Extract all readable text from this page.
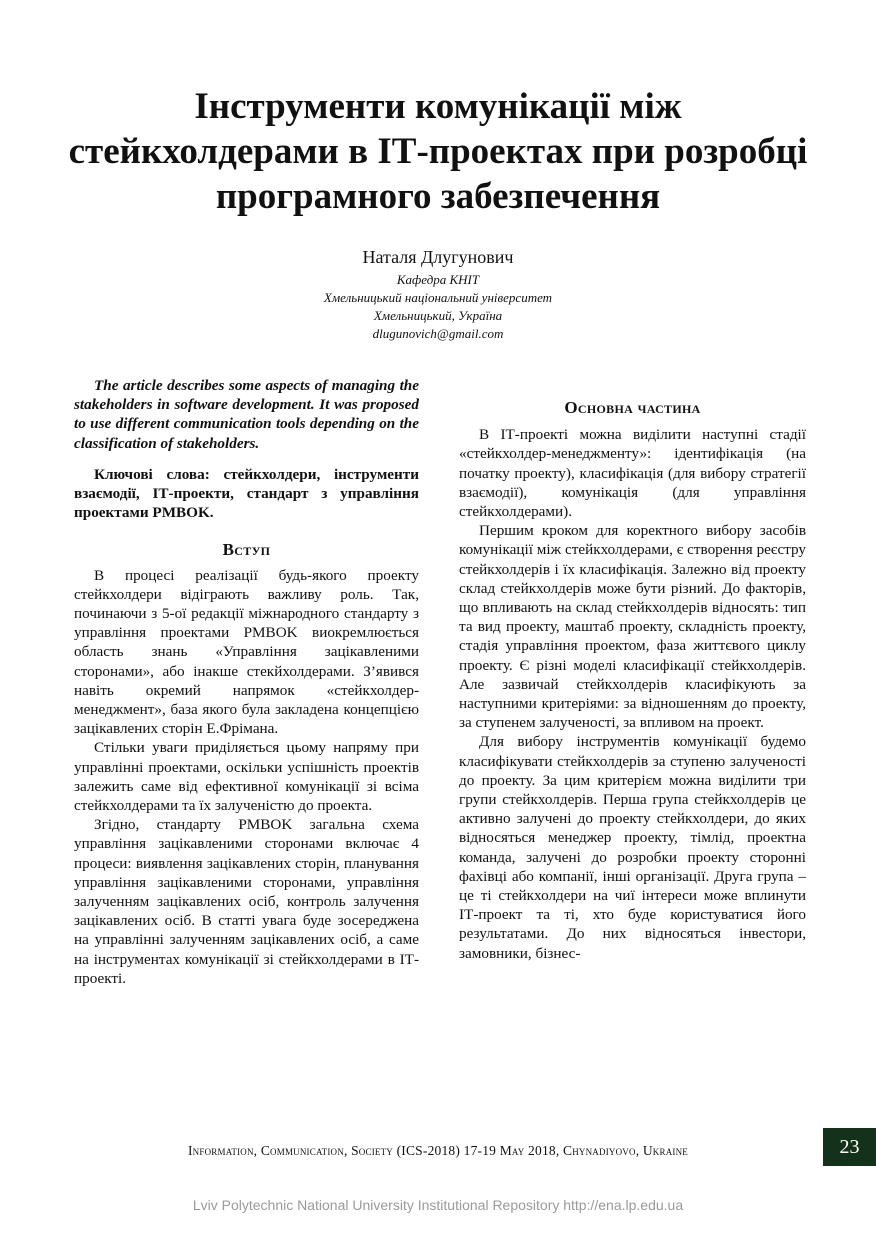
Інструменти комунікації між
стейкхолдерами в ІТ-проектах при розробці
програмного забезпечення
Наталя Длугунович
Кафедра КНІТ
Хмельницький національний університет
Хмельницький, Україна
dlugunovich@gmail.com

The article describes some aspects of managing the stakeholders in software development. It was proposed to use different communication tools depending on the classification of stakeholders.

Ключові слова: стейкхолдери, інструменти взаємодії, ІТ-проекти, стандарт з управління проектами PMBOK.

Вступ

В процесі реалізації будь-якого проекту стейкхолдери відіграють важливу роль. Так, починаючи з 5-ої редакції міжнародного стандарту з управління проектами PMBOK виокремлюється область знань «Управління зацікавленими сторонами», або інакше стекйхолдерами. З’явився навіть окремий напрямок «стейкхолдер-менеджмент», база якого була закладена концепцією зацікавлених сторін Е.Фрімана.

Стільки уваги приділяється цьому напряму при управлінні проектами, оскільки успішність проектів залежить саме від ефективної комунікації зі всіма стейкхолдерами та їх залученістю до проекта.

Згідно, стандарту PMBOK загальна схема управління зацікавленими сторонами включає 4 процеси: виявлення зацікавлених сторін, планування управління зацікавленими сторонами, управління залученням зацікавлених осіб, контроль залучення зацікавлених осіб. В статті увага буде зосереджена на управлінні залученням зацікавлених осіб, а саме на інструментах комунікації зі стейкхолдерами в ІТ-проекті.

Основна частина

В ІТ-проекті можна виділити наступні стадії «стейкхолдер-менеджменту»: ідентифікація (на початку проекту), класифікація (для вибору стратегії взаємодії), комунікація (для управління стейкхолдерами).

Першим кроком для коректного вибору засобів комунікації між стейкхолдерами, є створення реєстру стейкхолдерів і їх класифікація. Залежно від проекту склад стейкхолдерів може бути різний. До факторів, що впливають на склад стейкхолдерів відносять: тип та вид проекту, маштаб проекту, складність проекту, стадія управління проектом, фаза життєвого циклу проекту. Є різні моделі класифікації стейкхолдерів. Але зазвичай стейкхолдерів класифікують за наступними критеріями: за відношенням до проекту, за ступенем залученості, за впливом на проект.

Для вибору інструментів комунікації будемо класифікувати стейкхолдерів за ступеню залученості до проекту. За цим критерієм можна виділити три групи стейкхолдерів. Перша група стейкхолдерів це активно залучені до проекту стейкхолдери, до яких відносяться менеджер проекту, тімлід, проектна команда, залучені до розробки проекту сторонні фахівці або компанії, інші організації. Друга група – це ті стейкхолдери на чиї інтереси може вплинути ІТ-проект та ті, хто буде користуватися його результатами. До них відносяться інвестори, замовники, бізнес-

Information, Communication, Society (ICS-2018) 17-19 May 2018, Chynadiyovo, Ukraine	23
Lviv Polytechnic National University Institutional Repository http://ena.lp.edu.ua
